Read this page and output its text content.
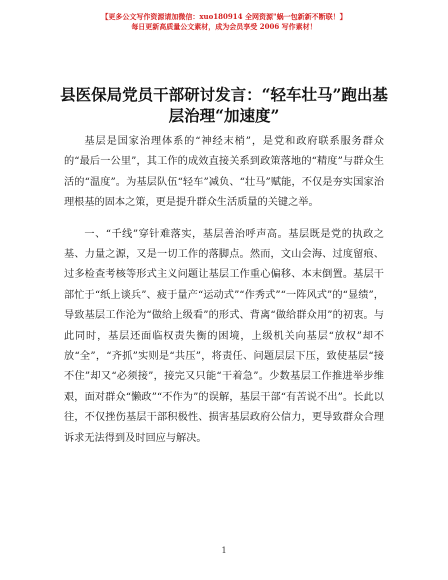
【更多公文写作资源请加微信：xuo180914 全网资源"蜗一包新新不断联！】
每日更新高质量公文素材，成为会员享受 2006 写作素材！
县医保局党员干部研讨发言：“轻车壮马”跑出基层治理“加速度”

基层是国家治理体系的“神经末梢”，是党和政府联系服务群众的“最后一公里”，其工作的成效直接关系到政策落地的“精度”与群众生活的“温度”。为基层队伍“轻车”减负、“壮马”赋能，不仅是夯实国家治理根基的固本之策，更是提升群众生活质量的关键之举。

一、“千线”穿针难落实，基层善治呼声高。基层既是党的执政之基、力量之源，又是一切工作的落脚点。然而，文山会海、过度留痕、过多检查考核等形式主义问题让基层工作重心偏移、本末倒置。基层干部忙于“纸上谈兵”、疲于量产“运动式”“作秀式”“一阵风式”的“显绩”，导致基层工作沦为“做给上级看”的形式、背离“做给群众用”的初衷。与此同时，基层还面临权责失衡的困境，上级机关向基层“放权”却不放“全”，“齐抓”实则是“共压”，将责任、问题层层下压，致使基层“接不住”却又“必须接”，接完又只能“干着急”。少数基层工作推进举步维艰，面对群众“懒政”“不作为”的误解，基层干部“有苦说不出”。长此以往，不仅挫伤基层干部积极性、损害基层政府公信力，更导致群众合理诉求无法得到及时回应与解决。

1
